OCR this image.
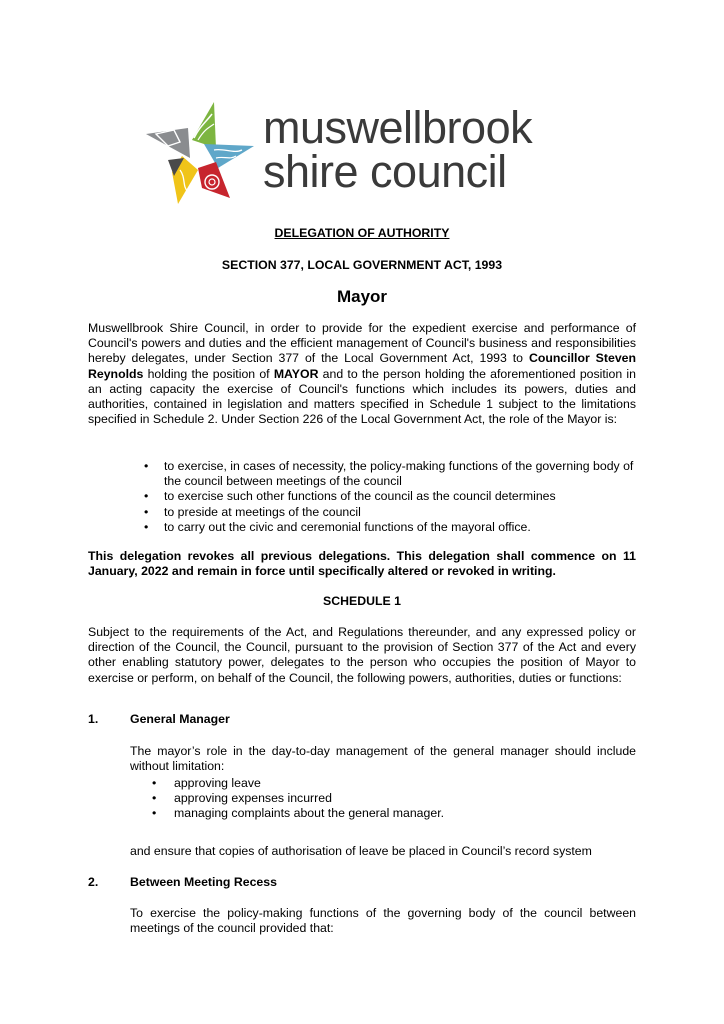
muswellbrook
shire council
DELEGATION OF AUTHORITY
SECTION 377, LOCAL GOVERNMENT ACT, 1993
Mayor

Muswellbrook Shire Council, in order to provide for the expedient exercise and performance of Council's powers and duties and the efficient management of Council's business and responsibilities hereby delegates, under Section 377 of the Local Government Act, 1993 to Councillor Steven Reynolds holding the position of MAYOR and to the person holding the aforementioned position in an acting capacity the exercise of Council's functions which includes its powers, duties and authorities, contained in legislation and matters specified in Schedule 1 subject to the limitations specified in Schedule 2. Under Section 226 of the Local Government Act, the role of the Mayor is:

• to exercise, in cases of necessity, the policy-making functions of the governing body of the council between meetings of the council
• to exercise such other functions of the council as the council determines
• to preside at meetings of the council
• to carry out the civic and ceremonial functions of the mayoral office.

This delegation revokes all previous delegations. This delegation shall commence on 11 January, 2022 and remain in force until specifically altered or revoked in writing.

SCHEDULE 1

Subject to the requirements of the Act, and Regulations thereunder, and any expressed policy or direction of the Council, the Council, pursuant to the provision of Section 377 of the Act and every other enabling statutory power, delegates to the person who occupies the position of Mayor to exercise or perform, on behalf of the Council, the following powers, authorities, duties or functions:

1.	General Manager

The mayor’s role in the day-to-day management of the general manager should include without limitation:

• approving leave
• approving expenses incurred
• managing complaints about the general manager.

and ensure that copies of authorisation of leave be placed in Council’s record system

2.	Between Meeting Recess

To exercise the policy-making functions of the governing body of the council between meetings of the council provided that:
